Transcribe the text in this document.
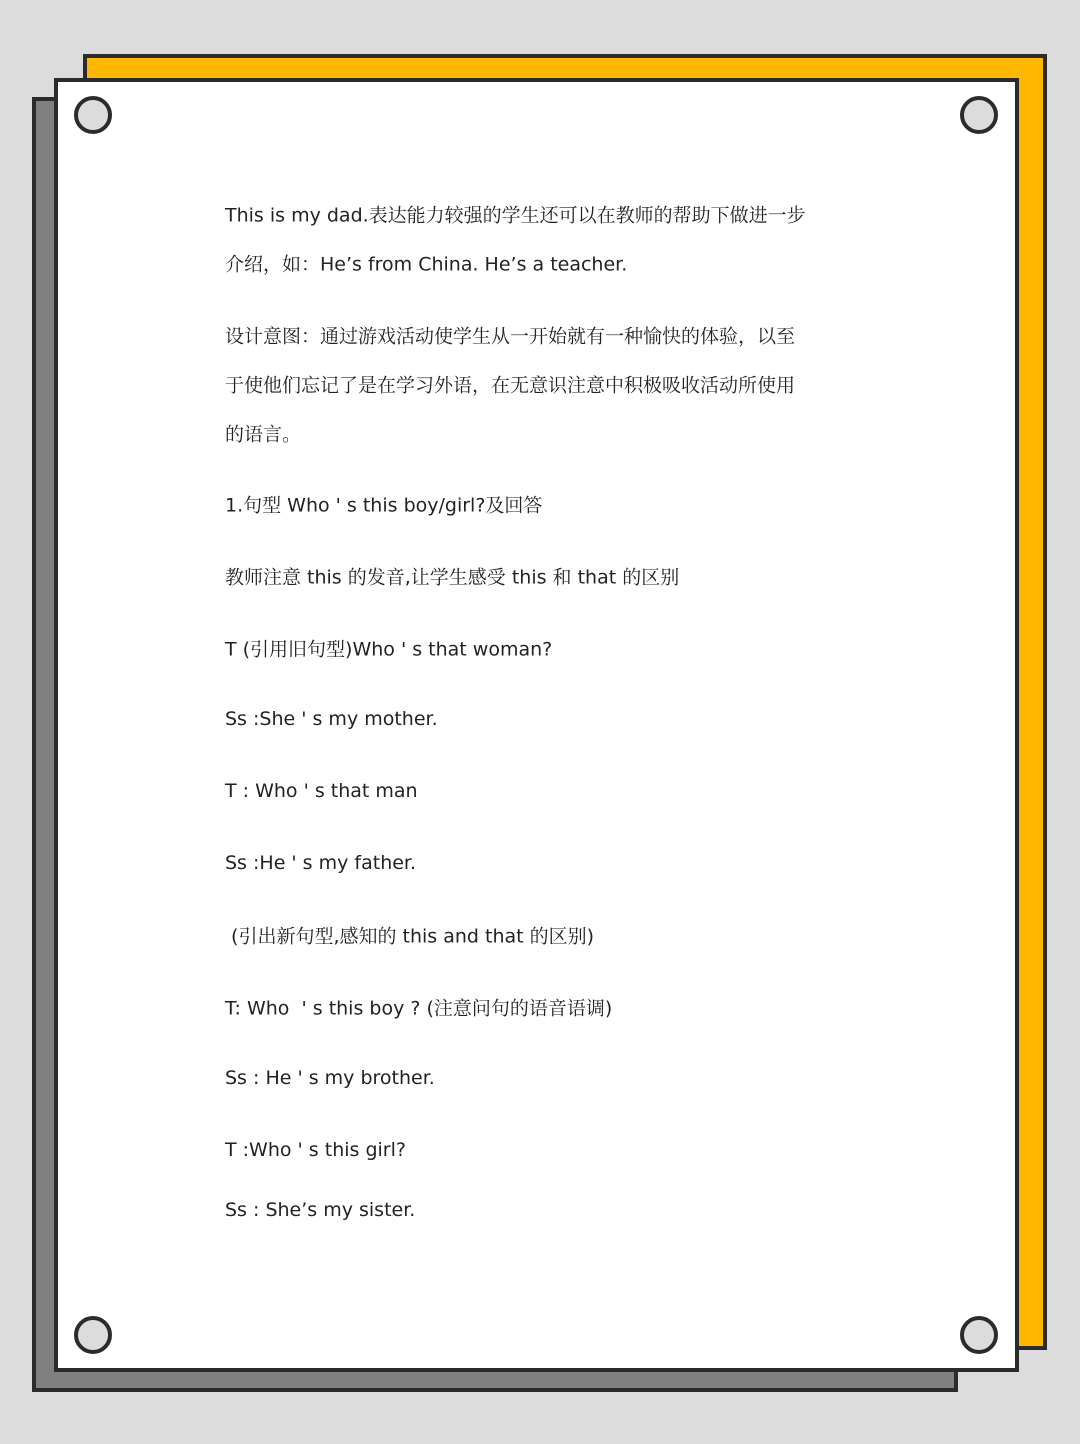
This is my dad.表达能力较强的学生还可以在教师的帮助下做进一步
介绍，如：He’s from China. He’s a teacher.
设计意图：通过游戏活动使学生从一开始就有一种愉快的体验，以至
于使他们忘记了是在学习外语，在无意识注意中积极吸收活动所使用
的语言。
1.句型 Who ' s this boy/girl?及回答
教师注意 this 的发音,让学生感受 this 和 that 的区别
T (引用旧句型)Who ' s that woman?
Ss :She ' s my mother.
T : Who ' s that man
Ss :He ' s my father.
(引出新句型,感知的 this and that 的区别)
T: Who  ' s this boy ? (注意问句的语音语调)
Ss : He ' s my brother.
T :Who ' s this girl?
Ss : She’s my sister.
